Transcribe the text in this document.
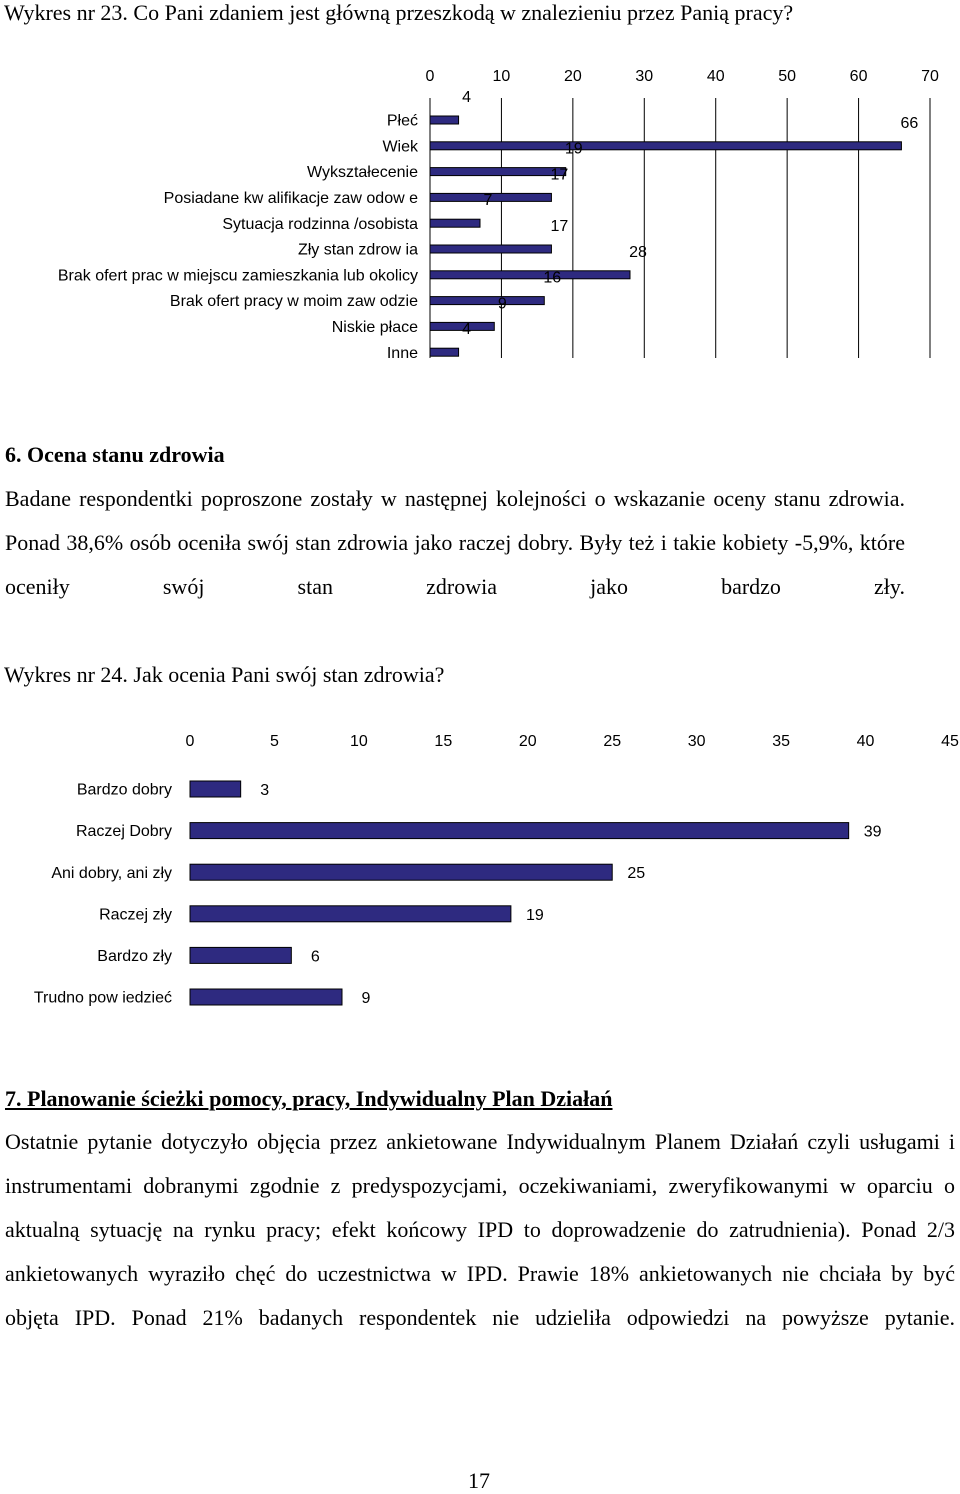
Wykres nr 23. Co Pani zdaniem jest główną przeszkodą w znalezieniu przez Panią pracy?
0	10	20	30	40	50	60	70
Płeć
4
Wiek
66
Wykształecenie
19
Posiadane kw alifikacje zaw odow e
17
Sytuacja rodzinna /osobista
7
Zły stan zdrow ia
17
Brak ofert prac w miejscu zamieszkania lub okolicy
28
Brak ofert pracy w moim zaw odzie
16
Niskie płace
9
Inne
4
6. Ocena stanu zdrowia
Badane respondentki poproszone zostały w następnej kolejności o wskazanie oceny stanu zdrowia. Ponad 38,6% osób oceniła swój stan zdrowia jako raczej dobry. Były też i takie kobiety -5,9%, które oceniły swój stan zdrowia jako bardzo zły.
Wykres nr 24. Jak ocenia Pani swój stan zdrowia?
0	5	10	15	20	25	30	35	40	45
Bardzo dobry	3
Raczej Dobry	39
Ani dobry, ani zły	25
Raczej zły	19
Bardzo zły	6
Trudno pow iedzieć	9
7. Planowanie ścieżki pomocy, pracy, Indywidualny Plan Działań
Ostatnie pytanie dotyczyło objęcia przez ankietowane Indywidualnym Planem Działań czyli usługami i instrumentami dobranymi zgodnie z predyspozycjami, oczekiwaniami, zweryfikowanymi w oparciu o aktualną sytuację na rynku pracy; efekt końcowy IPD to doprowadzenie do zatrudnienia). Ponad 2/3 ankietowanych wyraziło chęć do uczestnictwa w IPD. Prawie 18% ankietowanych nie chciała by być objęta IPD. Ponad 21% badanych respondentek nie udzieliła odpowiedzi na powyższe pytanie.
17
